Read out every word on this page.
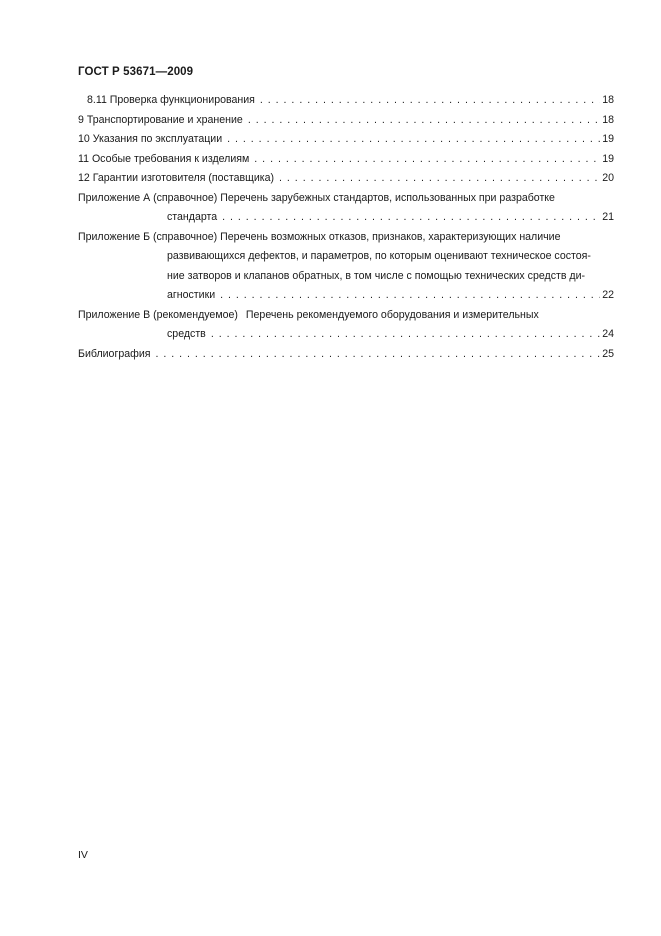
ГОСТ Р 53671—2009
8.11 Проверка функционирования . . .	18
9 Транспортирование и хранение . . .	18
10 Указания по эксплуатации . . .	19
11 Особые требования к изделиям . . .	19
12 Гарантии изготовителя (поставщика) . . .	20
Приложение А (справочное) Перечень зарубежных стандартов, использованных при разработке
стандарта . . .	21
Приложение Б (справочное) Перечень возможных отказов, признаков, характеризующих наличие
развивающихся дефектов, и параметров, по которым оценивают техническое состоя-
ние затворов и клапанов обратных, в том числе с помощью технических средств ди-
агностики . . .	22
Приложение В (рекомендуемое) Перечень рекомендуемого оборудования и измерительных
средств . . .	24
Библиография . . .	25
IV
